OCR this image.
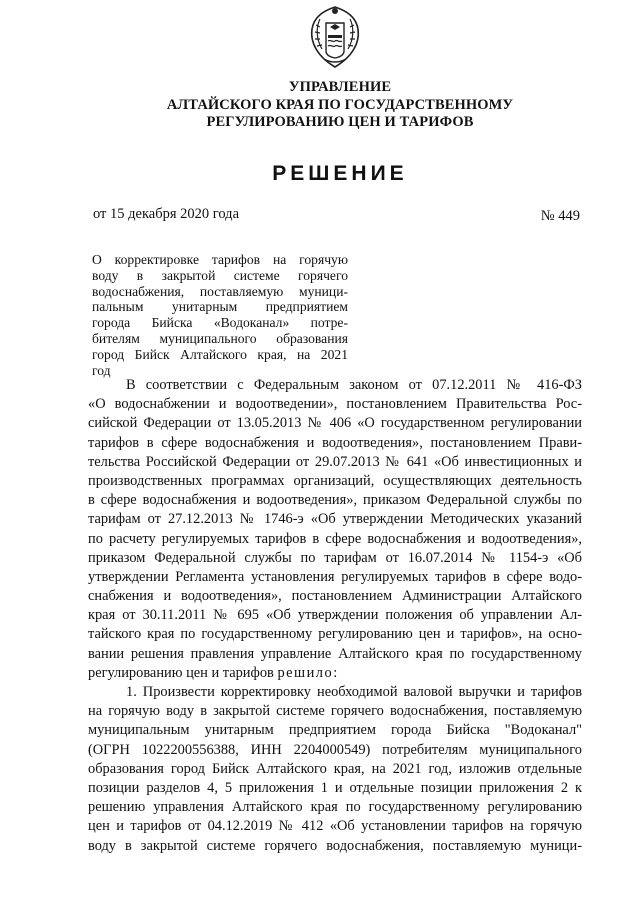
УПРАВЛЕНИЕ
АЛТАЙСКОГО КРАЯ ПО ГОСУДАРСТВЕННОМУ
РЕГУЛИРОВАНИЮ ЦЕН И ТАРИФОВ
РЕШЕНИЕ
от 15 декабря 2020 года	№ 449
О корректировке тарифов на горячую
воду в закрытой системе горячего
водоснабжения, поставляемую муници-
пальным унитарным предприятием
города Бийска «Водоканал» потре-
бителям муниципального образования
город Бийск Алтайского края, на 2021
год
В соответствии с Федеральным законом от 07.12.2011 № 416-ФЗ
«О водоснабжении и водоотведении», постановлением Правительства Рос-
сийской Федерации от 13.05.2013 № 406 «О государственном регулировании
тарифов в сфере водоснабжения и водоотведения», постановлением Прави-
тельства Российской Федерации от 29.07.2013 № 641 «Об инвестиционных и
производственных программах организаций, осуществляющих деятельность
в сфере водоснабжения и водоотведения», приказом Федеральной службы по
тарифам от 27.12.2013 № 1746-э «Об утверждении Методических указаний
по расчету регулируемых тарифов в сфере водоснабжения и водоотведения»,
приказом Федеральной службы по тарифам от 16.07.2014 № 1154-э «Об
утверждении Регламента установления регулируемых тарифов в сфере водо-
снабжения и водоотведения», постановлением Администрации Алтайского
края от 30.11.2011 № 695 «Об утверждении положения об управлении Ал-
тайского края по государственному регулированию цен и тарифов», на осно-
вании решения правления управление Алтайского края по государственному
регулированию цен и тарифов решило:
1. Произвести корректировку необходимой валовой выручки и тарифов
на горячую воду в закрытой системе горячего водоснабжения, поставляемую
муниципальным унитарным предприятием города Бийска "Водоканал"
(ОГРН 1022200556388, ИНН 2204000549) потребителям муниципального
образования город Бийск Алтайского края, на 2021 год, изложив отдельные
позиции разделов 4, 5 приложения 1 и отдельные позиции приложения 2 к
решению управления Алтайского края по государственному регулированию
цен и тарифов от 04.12.2019 № 412 «Об установлении тарифов на горячую
воду в закрытой системе горячего водоснабжения, поставляемую муници-
